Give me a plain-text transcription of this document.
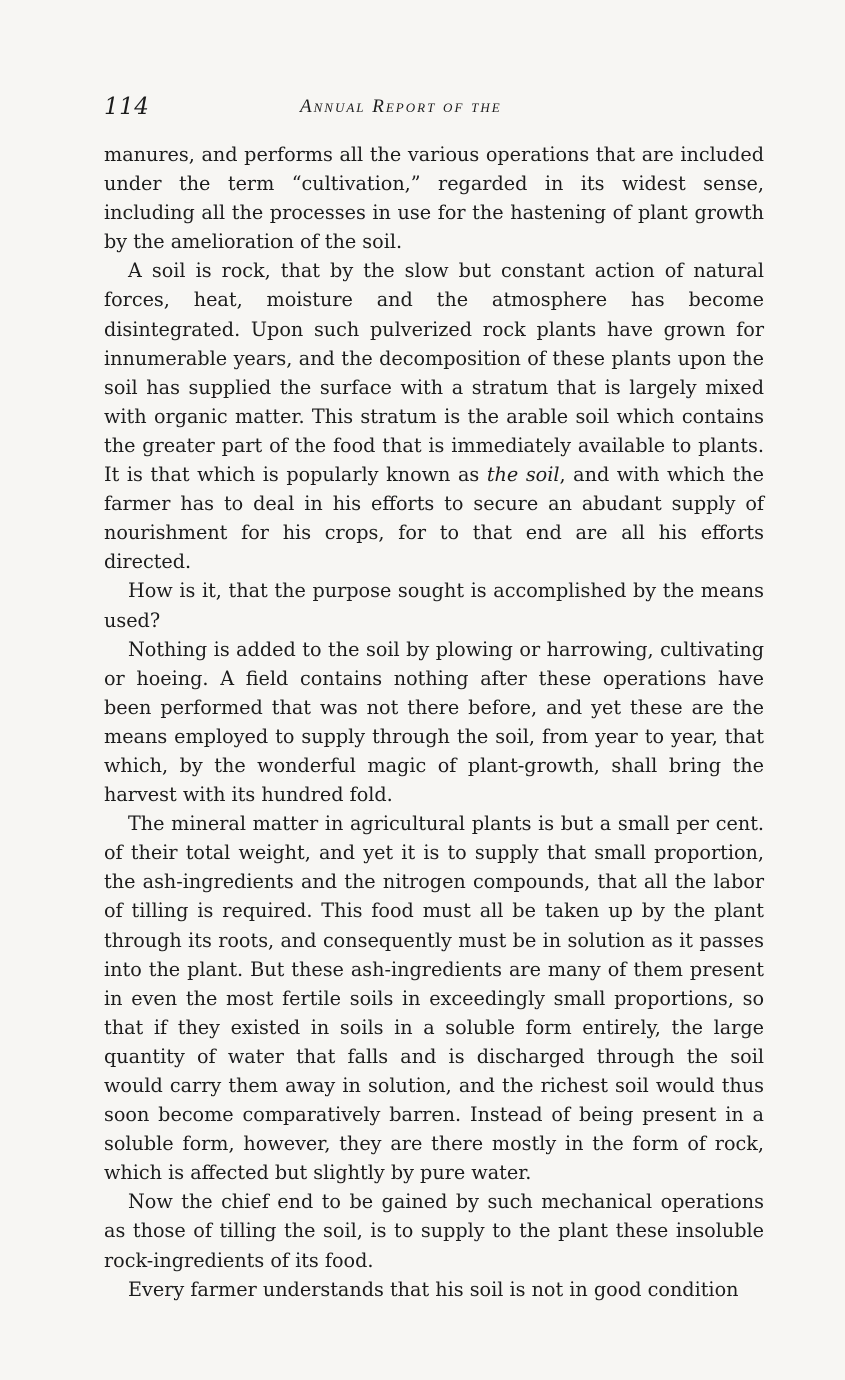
114	Annual Report of the

manures, and performs all the various operations that are included under the term “cultivation,” regarded in its widest sense, including all the processes in use for the hastening of plant growth by the amelioration of the soil.

A soil is rock, that by the slow but constant action of natural forces, heat, moisture and the atmosphere has become disintegrated. Upon such pulverized rock plants have grown for innumerable years, and the decomposition of these plants upon the soil has supplied the surface with a stratum that is largely mixed with organic matter. This stratum is the arable soil which contains the greater part of the food that is immediately available to plants. It is that which is popularly known as the soil, and with which the farmer has to deal in his efforts to secure an abudant supply of nourishment for his crops, for to that end are all his efforts directed.

How is it, that the purpose sought is accomplished by the means used?

Nothing is added to the soil by plowing or harrowing, cultivating or hoeing. A field contains nothing after these operations have been performed that was not there before, and yet these are the means employed to supply through the soil, from year to year, that which, by the wonderful magic of plant-growth, shall bring the harvest with its hundred fold.

The mineral matter in agricultural plants is but a small per cent. of their total weight, and yet it is to supply that small proportion, the ash-ingredients and the nitrogen compounds, that all the labor of tilling is required. This food must all be taken up by the plant through its roots, and consequently must be in solution as it passes into the plant. But these ash-ingredients are many of them present in even the most fertile soils in exceedingly small proportions, so that if they existed in soils in a soluble form entirely, the large quantity of water that falls and is discharged through the soil would carry them away in solution, and the richest soil would thus soon become comparatively barren. Instead of being present in a soluble form, however, they are there mostly in the form of rock, which is affected but slightly by pure water.

Now the chief end to be gained by such mechanical operations as those of tilling the soil, is to supply to the plant these insoluble rock-ingredients of its food.

Every farmer understands that his soil is not in good condition
